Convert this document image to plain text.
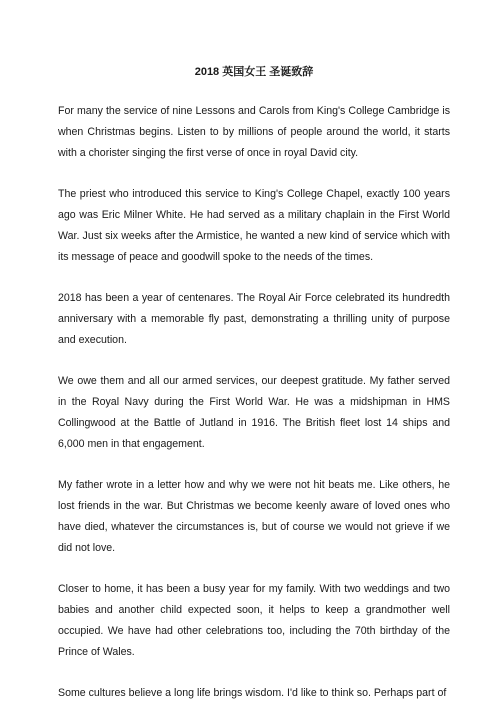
2018 英国女王 圣诞致辞

For many the service of nine Lessons and Carols from King's College Cambridge is when Christmas begins. Listen to by millions of people around the world, it starts with a chorister singing the first verse of once in royal David city.

The priest who introduced this service to King's College Chapel, exactly 100 years ago was Eric Milner White. He had served as a military chaplain in the First World War. Just six weeks after the Armistice, he wanted a new kind of service which with its message of peace and goodwill spoke to the needs of the times.

2018 has been a year of centenares. The Royal Air Force celebrated its hundredth anniversary with a memorable fly past, demonstrating a thrilling unity of purpose and execution.

We owe them and all our armed services, our deepest gratitude. My father served in the Royal Navy during the First World War. He was a midshipman in HMS Collingwood at the Battle of Jutland in 1916. The British fleet lost 14 ships and 6,000 men in that engagement.

My father wrote in a letter how and why we were not hit beats me. Like others, he lost friends in the war. But Christmas we become keenly aware of loved ones who have died, whatever the circumstances is, but of course we would not grieve if we did not love.

Closer to home, it has been a busy year for my family. With two weddings and two babies and another child expected soon, it helps to keep a grandmother well occupied. We have had other celebrations too, including the 70th birthday of the Prince of Wales.

Some cultures believe a long life brings wisdom. I'd like to think so. Perhaps part of
